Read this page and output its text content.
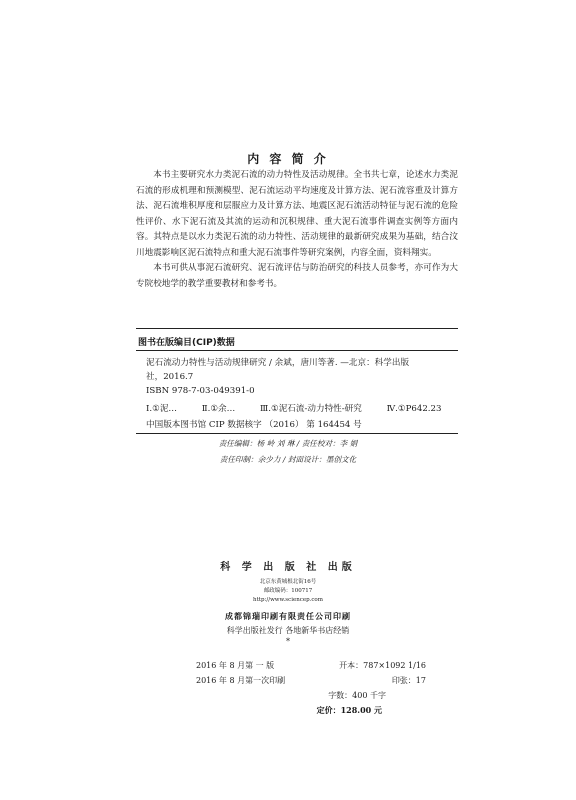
内 容 简 介

本书主要研究水力类泥石流的动力特性及活动规律。全书共七章，论述水力类泥石流的形成机理和预测模型、泥石流运动平均速度及计算方法、泥石流容重及计算方法、泥石流堆积厚度和层服应力及计算方法、地震区泥石流活动特征与泥石流的危险性评价、水下泥石流及其流的运动和沉积规律、重大泥石流事件调查实例等方面内容。其特点是以水力类泥石流的动力特性、活动规律的最新研究成果为基础，结合汶川地震影响区泥石流特点和重大泥石流事件等研究案例，内容全面，资料翔实。

本书可供从事泥石流研究、泥石流评估与防治研究的科技人员参考，亦可作为大专院校地学的教学重要教材和参考书。

图书在版编目(CIP)数据
泥石流动力特性与活动规律研究 / 余斌，唐川等著. —北京：科学出版
社，2016.7
ISBN 978-7-03-049391-0
Ⅰ.①泥…	Ⅱ.①余…	Ⅲ.①泥石流-动力特性-研究	Ⅳ.①P642.23
中国版本图书馆 CIP 数据核字 （2016） 第 164454 号
责任编辑：杨 岭 刘 琳 / 责任校对：李 娟
责任印制：余少力 / 封面设计：墨创文化
科 学 出 版 社 出版
北京东黄城根北街16号
邮政编码：100717
http://www.sciencep.com
成都锦瑞印刷有限责任公司印刷
科学出版社发行 各地新华书店经销
*
2016 年 8 月第 一 版	开本：787×1092 1/16
2016 年 8 月第一次印刷	印张：17
字数：400 千字
定价：128.00 元
